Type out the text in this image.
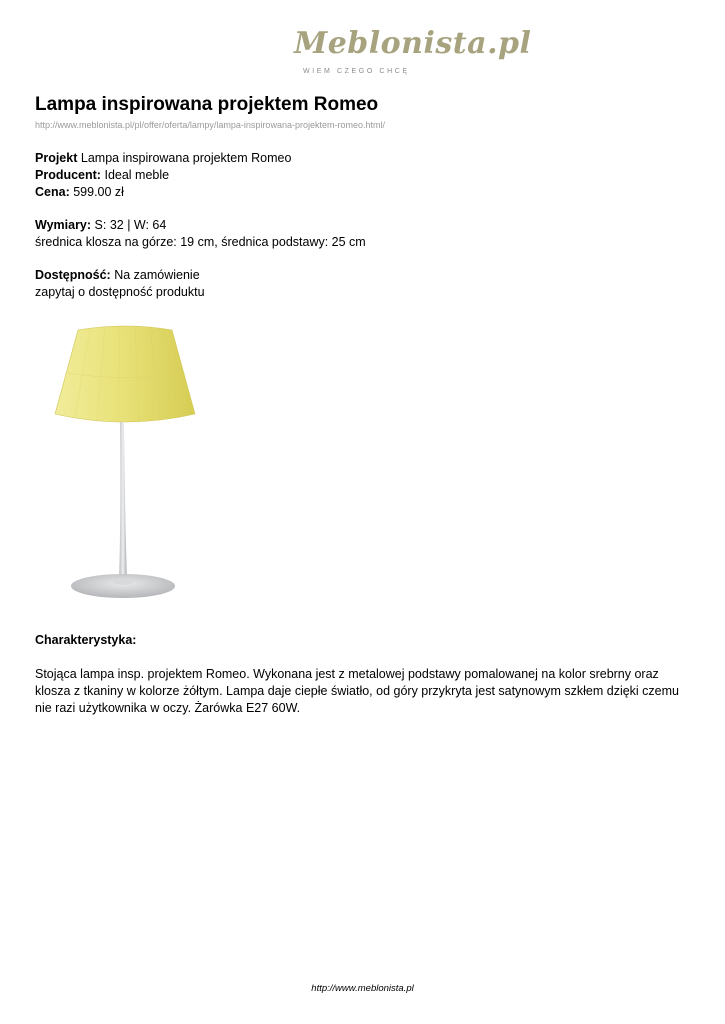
Meblonista.pl
WIEM CZEGO CHCĘ
Lampa inspirowana projektem Romeo
http://www.meblonista.pl/pl/offer/oferta/lampy/lampa-inspirowana-projektem-romeo.html/
Projekt Lampa inspirowana projektem Romeo
Producent: Ideal meble
Cena: 599.00 zł
Wymiary: S: 32 | W: 64
średnica klosza na górze: 19 cm, średnica podstawy: 25 cm
Dostępność: Na zamówienie
zapytaj o dostępność produktu
Charakterystyka:

Stojąca lampa insp. projektem Romeo. Wykonana jest z metalowej podstawy pomalowanej na kolor srebrny oraz klosza z tkaniny w kolorze żółtym. Lampa daje ciepłe światło, od góry przykryta jest satynowym szkłem dzięki czemu nie razi użytkownika w oczy. Żarówka E27 60W.

http://www.meblonista.pl
